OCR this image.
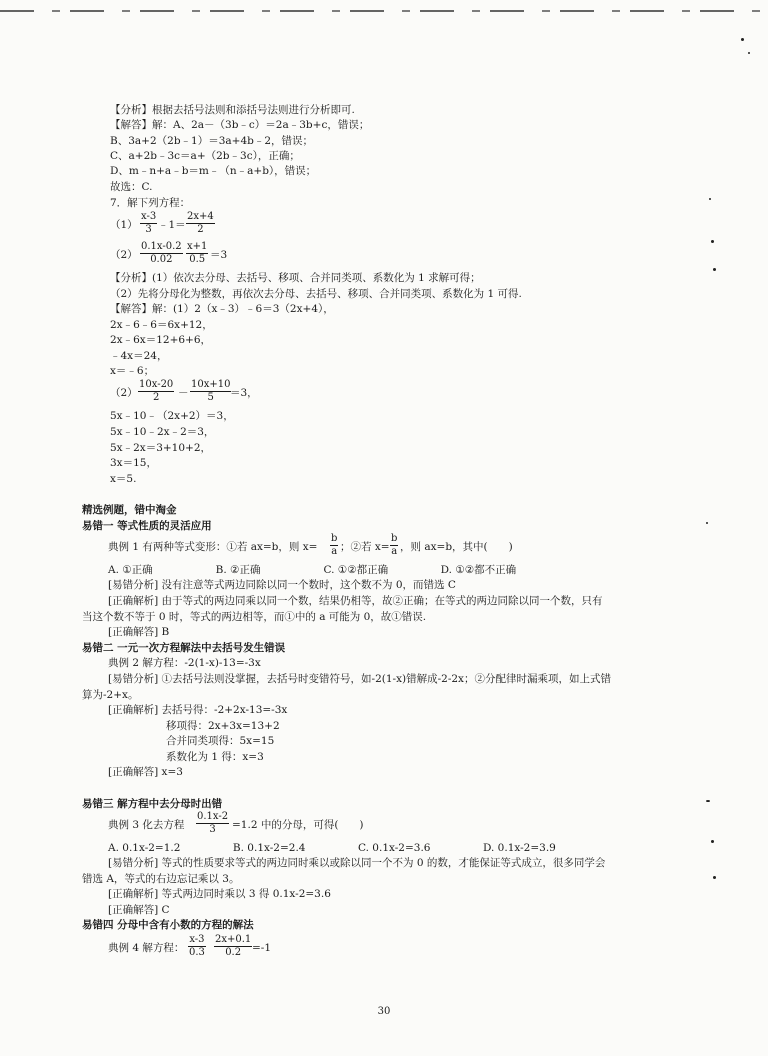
【分析】根据去括号法则和添括号法则进行分析即可.
【解答】解：A、2a－（3b﹣c）＝2a﹣3b+c，错误；
B、3a+2（2b﹣1）＝3a+4b﹣2，错误；
C、a+2b﹣3c＝a+（2b﹣3c），正确；
D、m﹣n+a﹣b＝m﹣（n﹣a+b），错误；
故选：C.
7．解下列方程：
$(1) \frac{x-3}{3}$ ﹣1＝ $\frac{2x+4}{2}$
$(2) \frac{0.1x-0.2}{0.02} \frac{x+1}{0.5} =3$
【分析】(1）依次去分母、去括号、移项、合并同类项、系数化为 1 求解可得；
（2）先将分母化为整数，再依次去分母、去括号、移项、合并同类项、系数化为 1 可得.
【解答】解：(1）2（x﹣3）﹣6＝3（2x+4），
2x﹣6﹣6＝6x+12，
2x﹣6x＝12+6+6，
﹣4x＝24，
x＝﹣6；
$(2) \frac{10x-20}{2} - \frac{10x+10}{5}$
＝3，
5x﹣10﹣（2x+2）＝3，
5x﹣10﹣2x﹣2＝3，
5x﹣2x＝3+10+2，
3x＝15，
x＝5.
精选例题，错中淘金
易错一 等式性质的灵活应用
典例 1 有两种等式变形：①若 ax=b，则 $x= \frac{b}{a}$ ；②若 $x= \frac{b}{a}$ ，则 ax=b，其中(　　)
A. ①正确　　　　　　B. ②正确　　　　　　C. ①②都正确　　　　　D. ①②都不正确
[易错分析] 没有注意等式两边同除以同一个数时，这个数不为 0，而错选 C
[正确解析] 由于等式的两边同乘以同一个数，结果仍相等，故②正确；在等式的两边同除以同一个数，只有
当这个数不等于 0 时，等式的两边相等，而①中的 a 可能为 0，故①错误.
[正确解答] B
易错二 一元一次方程解法中去括号发生错误
典例 2 解方程：-2(1-x)-13=-3x
[易错分析] ①去括号法则没掌握，去括号时变错符号，如-2(1-x)错解成-2-2x；②分配律时漏乘项，如上式错
算为-2+x。
[正确解析] 去括号得：-2+2x-13=-3x
移项得：2x+3x=13+2
合并同类项得：5x=15
系数化为 1 得：x=3
[正确解答] x=3
易错三 解方程中去分母时出错
典例 3 化去方程 $\frac{0.1x-2}{3} =1.2$ 中的分母，可得(　　)
A. 0.1x-2=1.2　　　　　B. 0.1x-2=2.4　　　　　C. 0.1x-2=3.6　　　　　D. 0.1x-2=3.9
[易错分析] 等式的性质要求等式的两边同时乘以或除以同一个不为 0 的数，才能保证等式成立，很多同学会
错选 A，等式的右边忘记乘以 3。
[正确解析] 等式两边同时乘以 3 得 0.1x-2=3.6
[正确解答] C
易错四 分母中含有小数的方程的解法
典例 4 解方程： $\frac{x-3}{0.3} \frac{2x+0.1}{0.2} =-1$
30
